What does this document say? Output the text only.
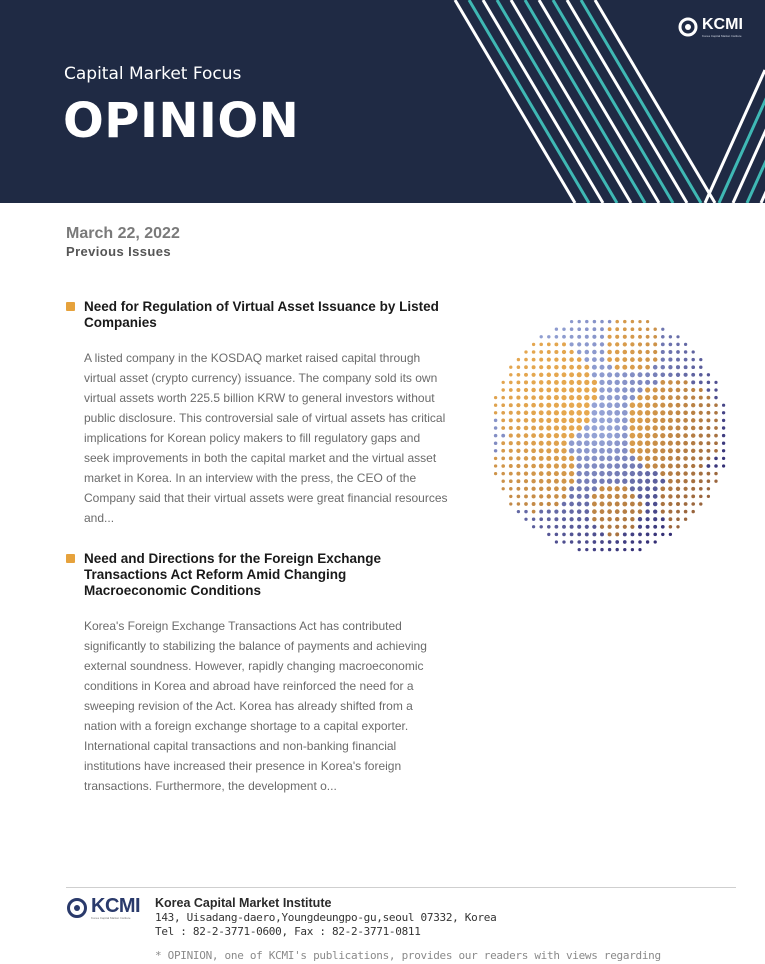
Capital Market Focus
OPINION
KCMI
Korea Capital Market Institute
March 22, 2022
Previous Issues
Need for Regulation of Virtual Asset Issuance by Listed Companies
A listed company in the KOSDAQ market raised capital through virtual asset (crypto currency) issuance. The company sold its own virtual assets worth 225.5 billion KRW to general investors without public disclosure. This controversial sale of virtual assets has critical implications for Korean policy makers to fill regulatory gaps and seek improvements in both the capital market and the virtual asset market in Korea. In an interview with the press, the CEO of the Company said that their virtual assets were great financial resources and...
Need and Directions for the Foreign Exchange Transactions Act Reform Amid Changing Macroeconomic Conditions
Korea's Foreign Exchange Transactions Act has contributed significantly to stabilizing the balance of payments and achieving external soundness. However, rapidly changing macroeconomic conditions in Korea and abroad have reinforced the need for a sweeping revision of the Act. Korea has already shifted from a nation with a foreign exchange shortage to a capital exporter. International capital transactions and non-banking financial institutions have increased their presence in Korea's foreign transactions. Furthermore, the development o...
KCMI
Korea Capital Market Institute
Korea Capital Market Institute
143, Uisadang-daero,Youngdeungpo-gu,seoul 07332, Korea
Tel : 82-2-3771-0600, Fax : 82-2-3771-0811
* OPINION, one of KCMI's publications, provides our readers with views regarding
